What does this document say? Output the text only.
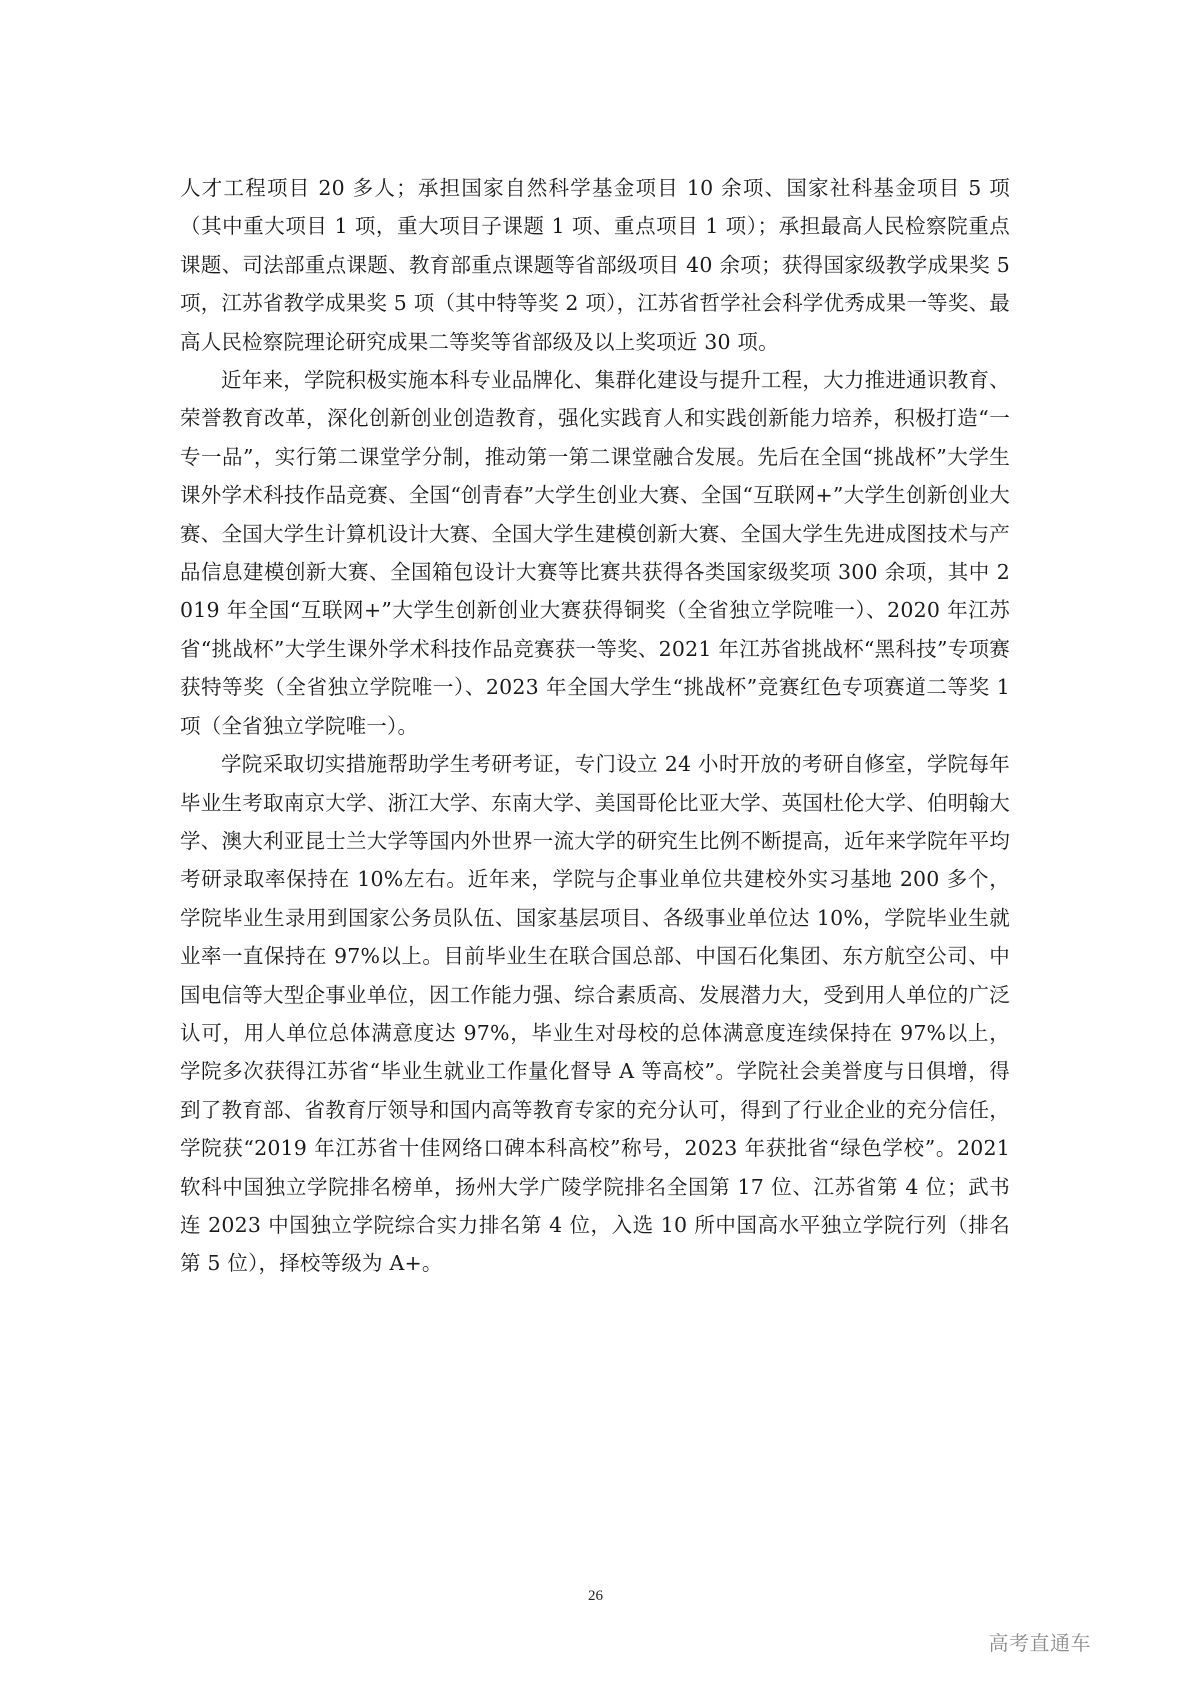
人才工程项目 20 多人；承担国家自然科学基金项目 10 余项、国家社科基金项目 5 项（其中重大项目 1 项，重大项目子课题 1 项、重点项目 1 项）；承担最高人民检察院重点课题、司法部重点课题、教育部重点课题等省部级项目 40 余项；获得国家级教学成果奖 5 项，江苏省教学成果奖 5 项（其中特等奖 2 项），江苏省哲学社会科学优秀成果一等奖、最高人民检察院理论研究成果二等奖等省部级及以上奖项近 30 项。

近年来，学院积极实施本科专业品牌化、集群化建设与提升工程，大力推进通识教育、荣誉教育改革，深化创新创业创造教育，强化实践育人和实践创新能力培养，积极打造“一专一品”，实行第二课堂学分制，推动第一第二课堂融合发展。先后在全国“挑战杯”大学生课外学术科技作品竞赛、全国“创青春”大学生创业大赛、全国“互联网+”大学生创新创业大赛、全国大学生计算机设计大赛、全国大学生建模创新大赛、全国大学生先进成图技术与产品信息建模创新大赛、全国箱包设计大赛等比赛共获得各类国家级奖项 300 余项，其中 2019 年全国“互联网+”大学生创新创业大赛获得铜奖（全省独立学院唯一）、2020 年江苏省“挑战杯”大学生课外学术科技作品竞赛获一等奖、2021 年江苏省挑战杯“黑科技”专项赛获特等奖（全省独立学院唯一）、2023 年全国大学生“挑战杯”竞赛红色专项赛道二等奖 1 项（全省独立学院唯一）。

学院采取切实措施帮助学生考研考证，专门设立 24 小时开放的考研自修室，学院每年毕业生考取南京大学、浙江大学、东南大学、美国哥伦比亚大学、英国杜伦大学、伯明翰大学、澳大利亚昆士兰大学等国内外世界一流大学的研究生比例不断提高，近年来学院年平均考研录取率保持在 10%左右。近年来，学院与企事业单位共建校外实习基地 200 多个，学院毕业生录用到国家公务员队伍、国家基层项目、各级事业单位达 10%，学院毕业生就业率一直保持在 97%以上。目前毕业生在联合国总部、中国石化集团、东方航空公司、中国电信等大型企事业单位，因工作能力强、综合素质高、发展潜力大，受到用人单位的广泛认可，用人单位总体满意度达 97%，毕业生对母校的总体满意度连续保持在 97%以上，学院多次获得江苏省“毕业生就业工作量化督导 A 等高校”。学院社会美誉度与日俱增，得到了教育部、省教育厅领导和国内高等教育专家的充分认可，得到了行业企业的充分信任，学院获“2019 年江苏省十佳网络口碑本科高校”称号，2023 年获批省“绿色学校”。2021 软科中国独立学院排名榜单，扬州大学广陵学院排名全国第 17 位、江苏省第 4 位；武书连 2023 中国独立学院综合实力排名第 4 位，入选 10 所中国高水平独立学院行列（排名第 5 位），择校等级为 A+。

26
高考直通车
